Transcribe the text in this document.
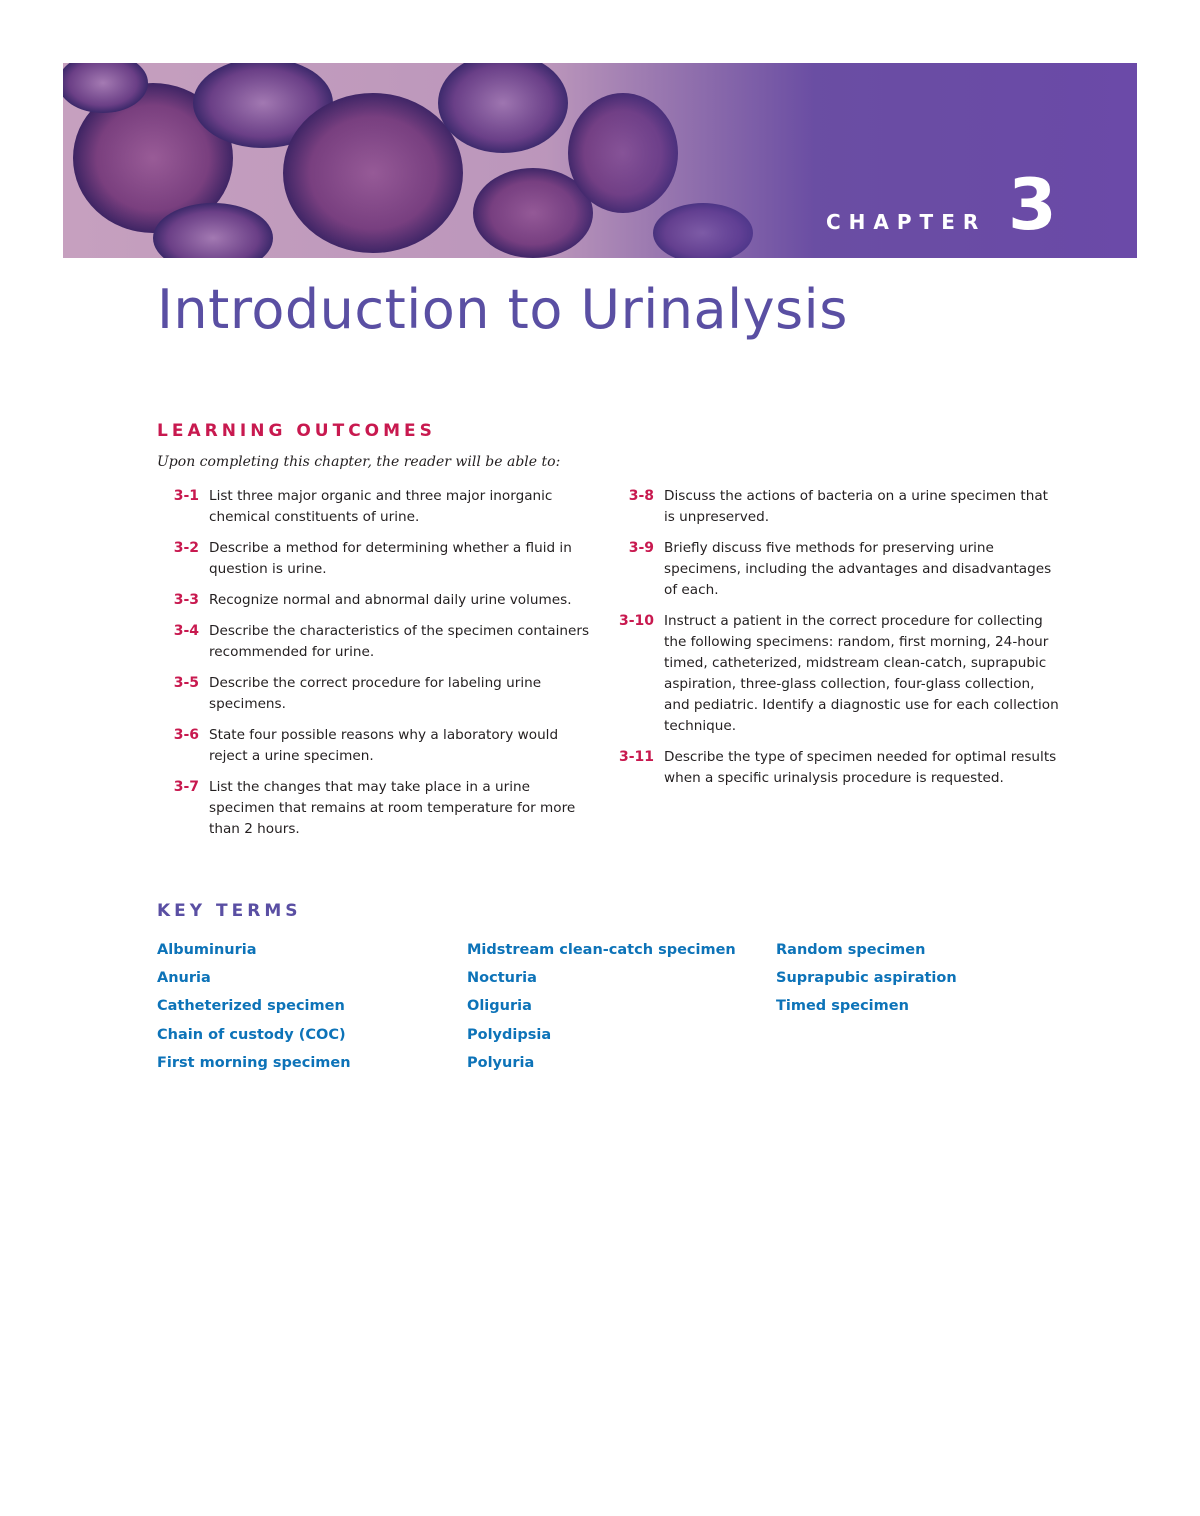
CHAPTER 3
Introduction to Urinalysis
LEARNING OUTCOMES
Upon completing this chapter, the reader will be able to:
3-1 List three major organic and three major inorganic chemical constituents of urine.
3-2 Describe a method for determining whether a fluid in question is urine.
3-3 Recognize normal and abnormal daily urine volumes.
3-4 Describe the characteristics of the specimen containers recommended for urine.
3-5 Describe the correct procedure for labeling urine specimens.
3-6 State four possible reasons why a laboratory would reject a urine specimen.
3-7 List the changes that may take place in a urine specimen that remains at room temperature for more than 2 hours.
3-8 Discuss the actions of bacteria on a urine specimen that is unpreserved.
3-9 Briefly discuss five methods for preserving urine specimens, including the advantages and disadvantages of each.
3-10 Instruct a patient in the correct procedure for collecting the following specimens: random, first morning, 24-hour timed, catheterized, midstream clean-catch, suprapubic aspiration, three-glass collection, four-glass collection, and pediatric. Identify a diagnostic use for each collection technique.
3-11 Describe the type of specimen needed for optimal results when a specific urinalysis procedure is requested.
KEY TERMS
Albuminuria
Anuria
Catheterized specimen
Chain of custody (COC)
First morning specimen
Midstream clean-catch specimen
Nocturia
Oliguria
Polydipsia
Polyuria
Random specimen
Suprapubic aspiration
Timed specimen
